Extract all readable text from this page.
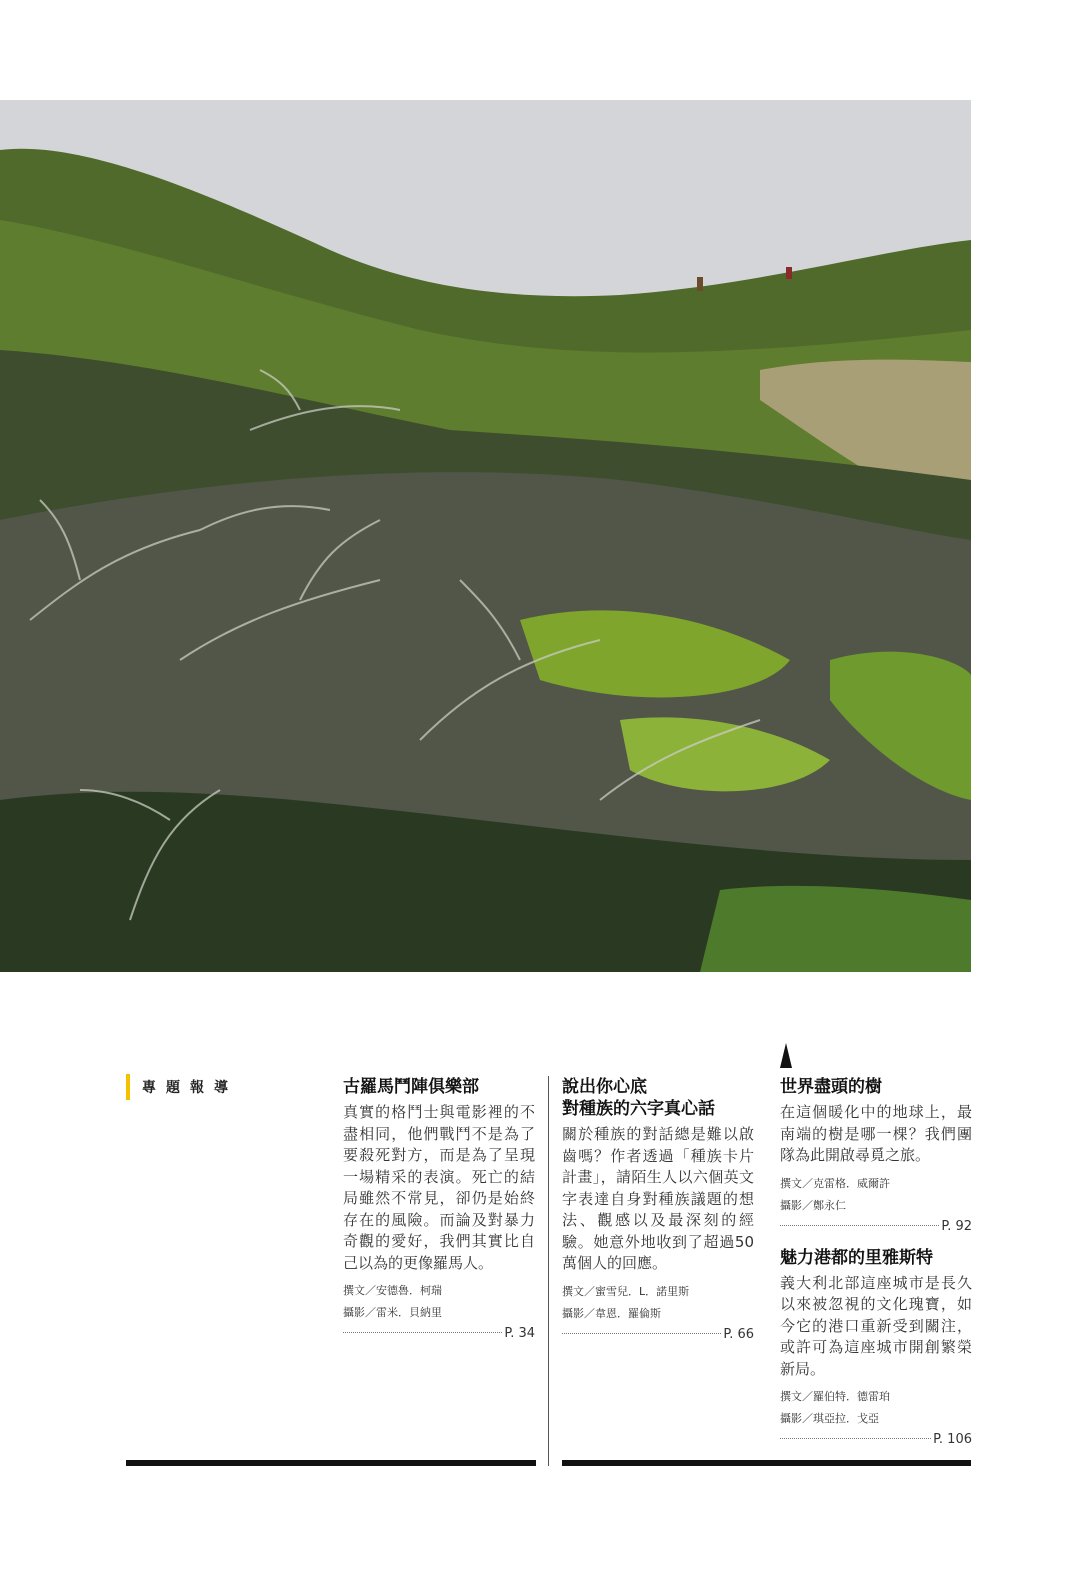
專題報導	古羅馬鬥陣俱樂部

真實的格鬥士與電影裡的不盡相同，他們戰鬥不是為了要殺死對方，而是為了呈現一場精采的表演。死亡的結局雖然不常見，卻仍是始終存在的風險。而論及對暴力奇觀的愛好，我們其實比自己以為的更像羅馬人。

撰文／安德魯．柯瑞
攝影／雷米．貝納里
P. 34
說出你心底
對種族的六字真心話

關於種族的對話總是難以啟齒嗎？作者透過「種族卡片計畫」，請陌生人以六個英文字表達自身對種族議題的想法、觀感以及最深刻的經驗。她意外地收到了超過50萬個人的回應。

撰文／蜜雪兒．L．諾里斯
攝影／韋恩．羅倫斯
P. 66
世界盡頭的樹

在這個暖化中的地球上，最南端的樹是哪一棵？我們團隊為此開啟尋覓之旅。

撰文／克雷格．威爾許
攝影／鄭永仁
P. 92
魅力港都的里雅斯特

義大利北部這座城市是長久以來被忽視的文化瑰寶，如今它的港口重新受到關注，或許可為這座城市開創繁榮新局。

撰文／羅伯特．德雷珀
攝影／琪亞拉．戈亞
P. 106
